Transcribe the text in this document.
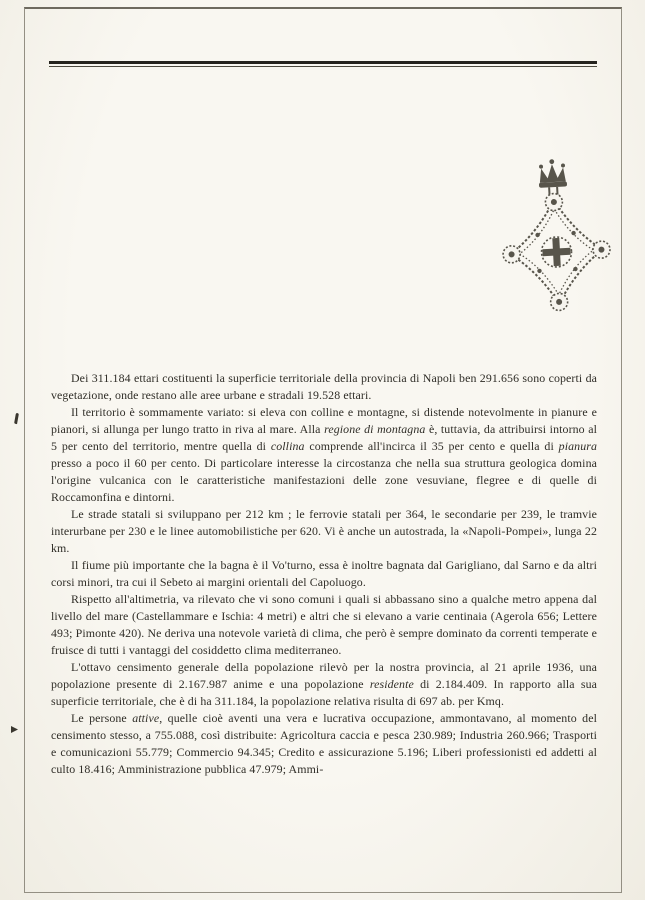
Dei 311.184 ettari costituenti la superficie territoriale della provincia di Napoli ben 291.656 sono coperti da vegetazione, onde restano alle aree urbane e stradali 19.528 ettari.

Il territorio è sommamente variato: si eleva con colline e montagne, si distende notevolmente in pianure e pianori, si allunga per lungo tratto in riva al mare. Alla regione di montagna è, tuttavia, da attribuirsi intorno al 5 per cento del territorio, mentre quella di collina comprende all'incirca il 35 per cento e quella di pianura presso a poco il 60 per cento. Di particolare interesse la circostanza che nella sua struttura geologica domina l'origine vulcanica con le caratteristiche manifestazioni delle zone vesuviane, flegree e di quelle di Roccamonfina e dintorni.

Le strade statali si sviluppano per 212 km ; le ferrovie statali per 364, le secondarie per 239, le tramvie interurbane per 230 e le linee automobilistiche per 620. Vi è anche un autostrada, la «Napoli-Pompei», lunga 22 km.

Il fiume più importante che la bagna è il Vo'turno, essa è inoltre bagnata dal Garigliano, dal Sarno e da altri corsi minori, tra cui il Sebeto ai margini orientali del Capoluogo.

Rispetto all'altimetria, va rilevato che vi sono comuni i quali si abbassano sino a qualche metro appena dal livello del mare (Castellammare e Ischia: 4 metri) e altri che si elevano a varie centinaia (Agerola 656; Lettere 493; Pimonte 420). Ne deriva una notevole varietà di clima, che però è sempre dominato da correnti temperate e fruisce di tutti i vantaggi del cosiddetto clima mediterraneo.

L'ottavo censimento generale della popolazione rilevò per la nostra provincia, al 21 aprile 1936, una popolazione presente di 2.167.987 anime e una popolazione residente di 2.184.409. In rapporto alla sua superficie territoriale, che è di ha 311.184, la popolazione relativa risulta di 697 ab. per Kmq.

Le persone attive, quelle cioè aventi una vera e lucrativa occupazione, ammontavano, al momento del censimento stesso, a 755.088, così distribuite: Agricoltura caccia e pesca 230.989; Industria 260.966; Trasporti e comunicazioni 55.779; Commercio 94.345; Credito e assicurazione 5.196; Liberi professionisti ed addetti al culto 18.416; Amministrazione pubblica 47.979; Ammi-
